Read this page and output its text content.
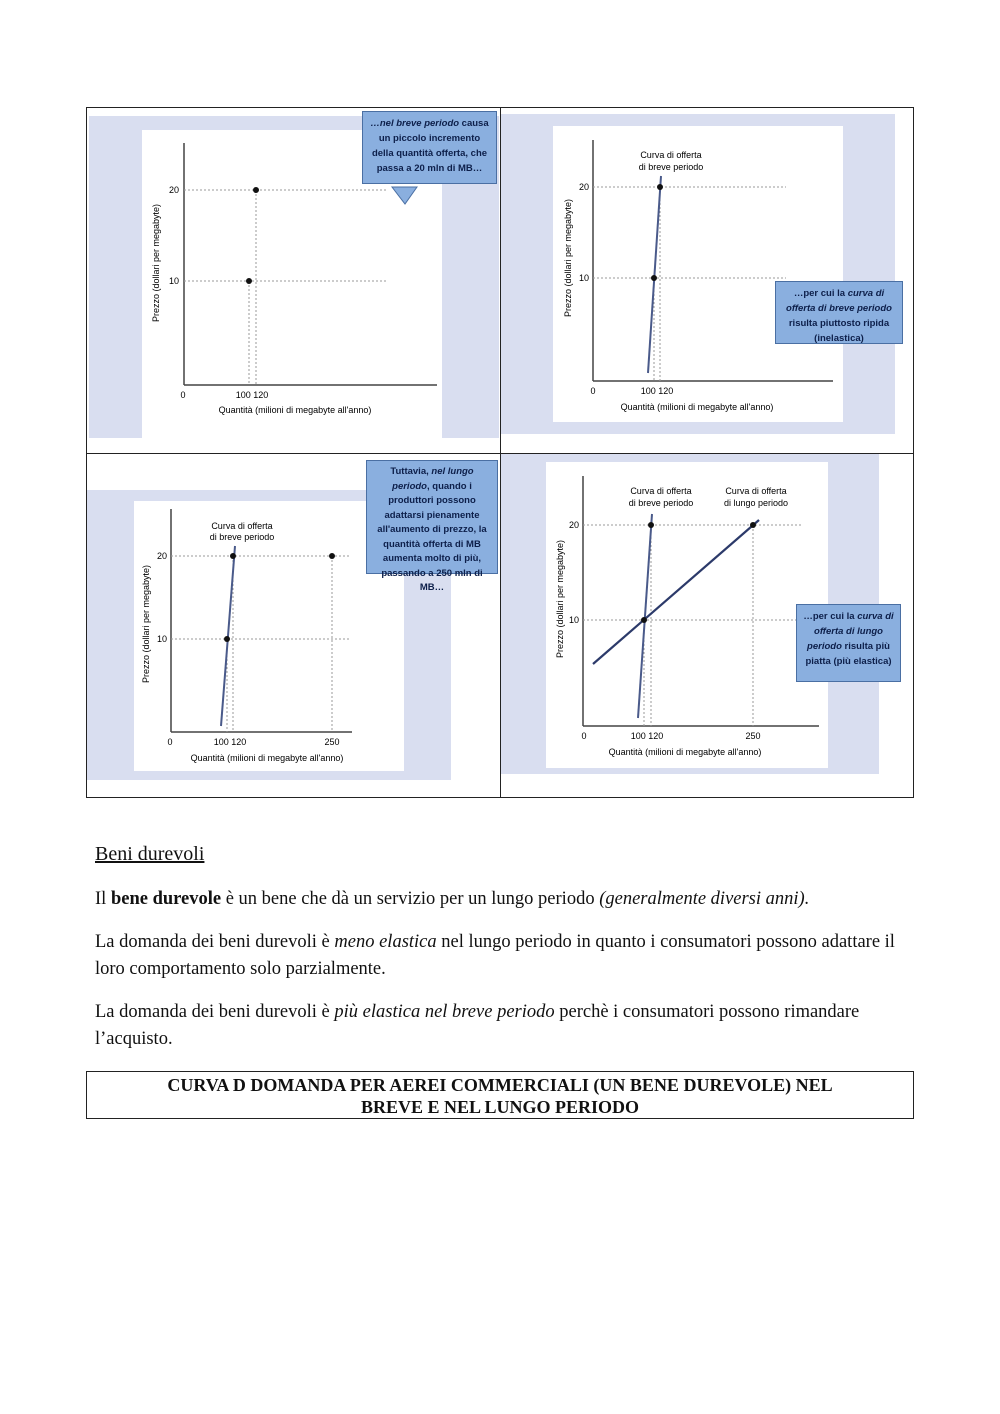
20
10
0	100 120
Quantità (milioni di megabyte all'anno)
Prezzo (dollari per megabyte)
…nel breve periodo causa un piccolo incremento della quantità offerta, che passa a 20 mln di MB…
Curva di offerta
di breve periodo
20
10
0	100 120
Quantità (milioni di megabyte all'anno)
Prezzo (dollari per megabyte)	…per cui la curva di offerta di breve periodo risulta piuttosto ripida (inelastica)
Curva di offerta
di breve periodo
20
10
0	100 120	250
Quantità (milioni di megabyte all'anno)
Prezzo (dollari per megabyte)
Tuttavia, nel lungo periodo, quando i produttori possono adattarsi pienamente all'aumento di prezzo, la quantità offerta di MB aumenta molto di più, passando a 250 mln di MB…
Curva di offerta
di breve periodo
Curva di offerta
di lungo periodo
20
10
0	100 120	250
Quantità (milioni di megabyte all'anno)
Prezzo (dollari per megabyte)	…per cui la curva di offerta di lungo periodo risulta più piatta (più elastica)
Beni durevoli
Il bene durevole è un bene che dà un servizio per un lungo periodo (generalmente diversi anni).
La domanda dei beni durevoli è meno elastica nel lungo periodo in quanto i consumatori possono adattare il loro comportamento solo parzialmente.
La domanda dei beni durevoli è più elastica nel breve periodo perchè i consumatori possono rimandare l’acquisto.
CURVA D DOMANDA PER AEREI COMMERCIALI (UN BENE DUREVOLE) NEL
BREVE E NEL LUNGO PERIODO
